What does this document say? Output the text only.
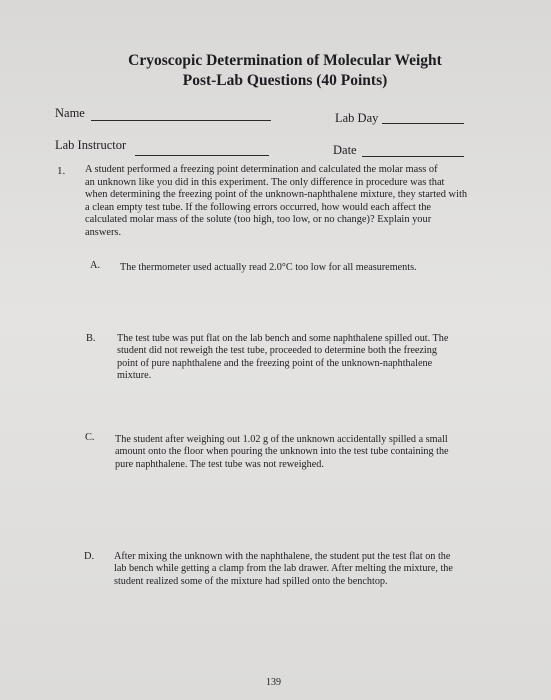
Cryoscopic Determination of Molecular Weight
Post-Lab Questions (40 Points)
Name	Lab Day
Lab Instructor	Date
1. A student performed a freezing point determination and calculated the molar mass of
an unknown like you did in this experiment. The only difference in procedure was that
when determining the freezing point of the unknown-naphthalene mixture, they started with
a clean empty test tube. If the following errors occurred, how would each affect the
calculated molar mass of the solute (too high, too low, or no change)? Explain your
answers.
A. The thermometer used actually read 2.0°C too low for all measurements.
B. The test tube was put flat on the lab bench and some naphthalene spilled out. The
student did not reweigh the test tube, proceeded to determine both the freezing
point of pure naphthalene and the freezing point of the unknown-naphthalene
mixture.
C. The student after weighing out 1.02 g of the unknown accidentally spilled a small
amount onto the floor when pouring the unknown into the test tube containing the
pure naphthalene. The test tube was not reweighed.
D. After mixing the unknown with the naphthalene, the student put the test flat on the
lab bench while getting a clamp from the lab drawer. After melting the mixture, the
student realized some of the mixture had spilled onto the benchtop.
139
